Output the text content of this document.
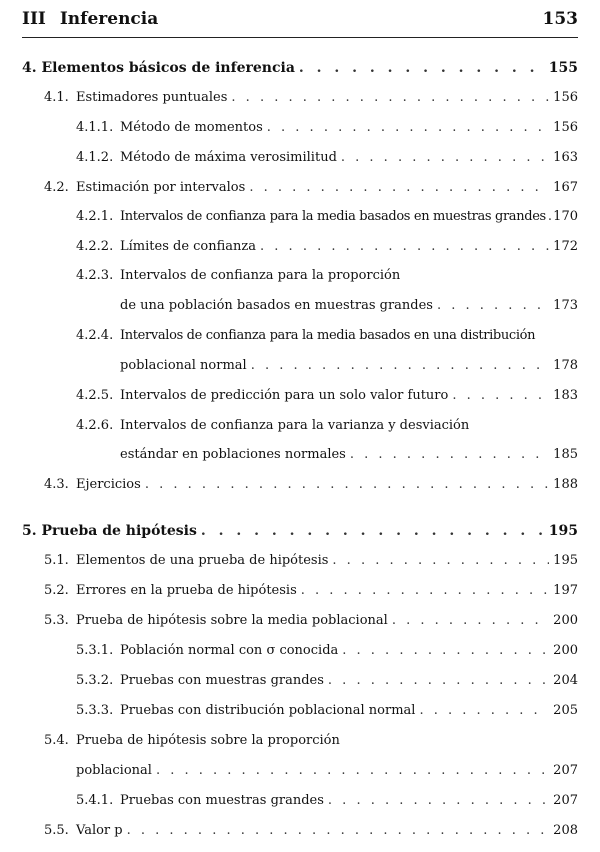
III Inferencia	153
4. Elementos básicos de inferencia . . .	155
4.1. Estimadores puntuales . . .	156
4.1.1. Método de momentos . . .	156
4.1.2. Método de máxima verosimilitud . . .	163
4.2. Estimación por intervalos . . .	167
4.2.1. Intervalos de confianza para la media basados en muestras grandes . . . 170
4.2.2. Límites de confianza . . .	172
4.2.3. Intervalos de confianza para la proporción
de una población basados en muestras grandes . . .	173
4.2.4. Intervalos de confianza para la media basados en una distribución
poblacional normal . . .	178
4.2.5. Intervalos de predicción para un solo valor futuro . . .	183
4.2.6. Intervalos de confianza para la varianza y desviación
estándar en poblaciones normales . . .	185
4.3. Ejercicios . . .	188
5. Prueba de hipótesis . . .	195
5.1. Elementos de una prueba de hipótesis . . .	195
5.2. Errores en la prueba de hipótesis . . .	197
5.3. Prueba de hipótesis sobre la media poblacional . . .	200
5.3.1. Población normal con σ conocida . . .	200
5.3.2. Pruebas con muestras grandes . . .	204
5.3.3. Pruebas con distribución poblacional normal . . .	205
5.4. Prueba de hipótesis sobre la proporción
poblacional . . .	207
5.4.1. Pruebas con muestras grandes . . .	207
5.5. Valor p . . .	208
